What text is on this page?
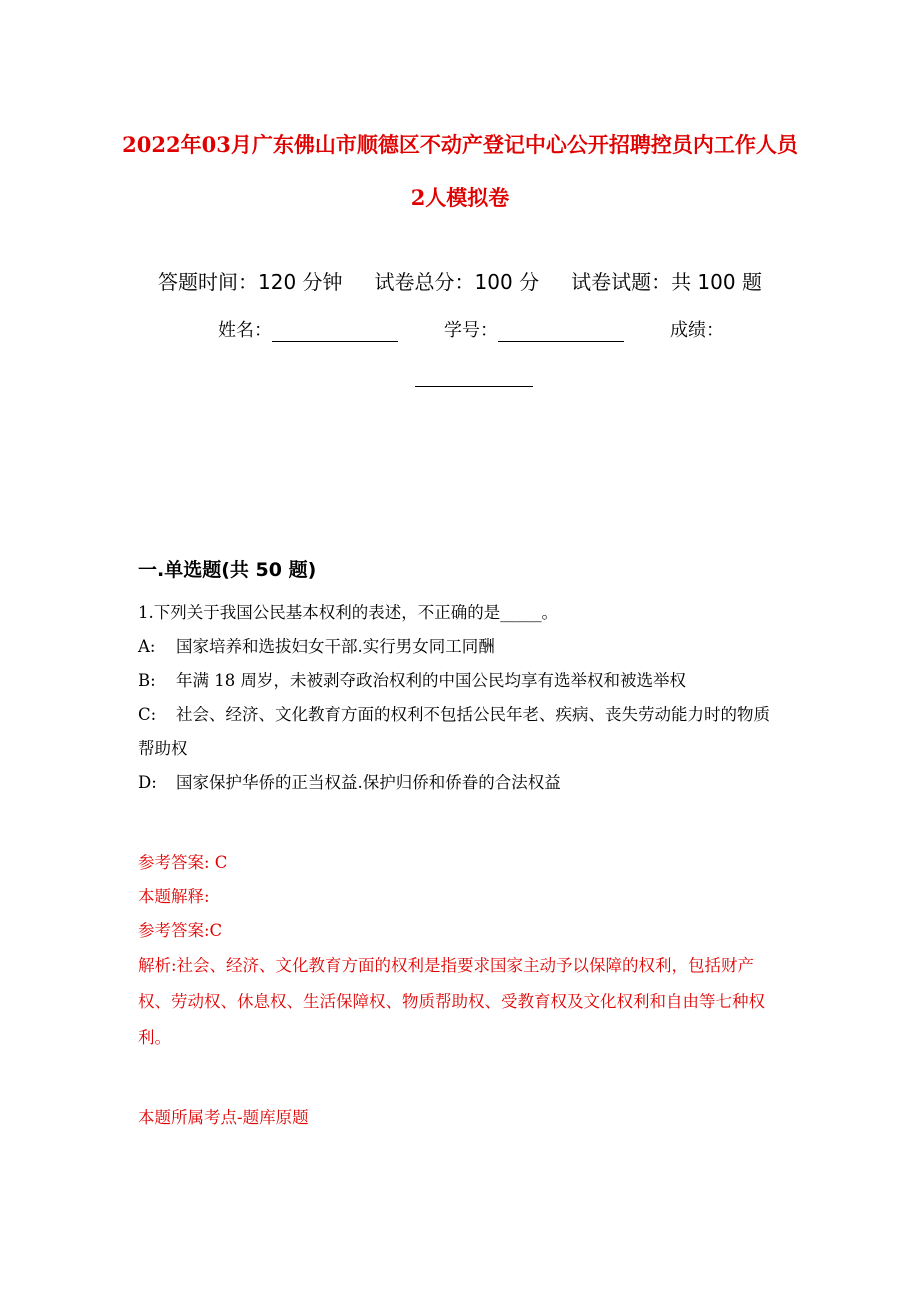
2022年03月广东佛山市顺德区不动产登记中心公开招聘控员内工作人员2人模拟卷
答题时间：120 分钟 试卷总分：100 分 试卷试题：共 100 题
姓名：	学号：	成绩：
一.单选题(共 50 题)

1.下列关于我国公民基本权利的表述，不正确的是_____。

A: 国家培养和选拔妇女干部.实行男女同工同酬

B: 年满 18 周岁，未被剥夺政治权利的中国公民均享有选举权和被选举权

C: 社会、经济、文化教育方面的权利不包括公民年老、疾病、丧失劳动能力时的物质帮助权

D: 国家保护华侨的正当权益.保护归侨和侨眷的合法权益

参考答案: C

本题解释:

参考答案:C

解析:社会、经济、文化教育方面的权利是指要求国家主动予以保障的权利，包括财产权、劳动权、休息权、生活保障权、物质帮助权、受教育权及文化权利和自由等七种权利。

本题所属考点-题库原题
